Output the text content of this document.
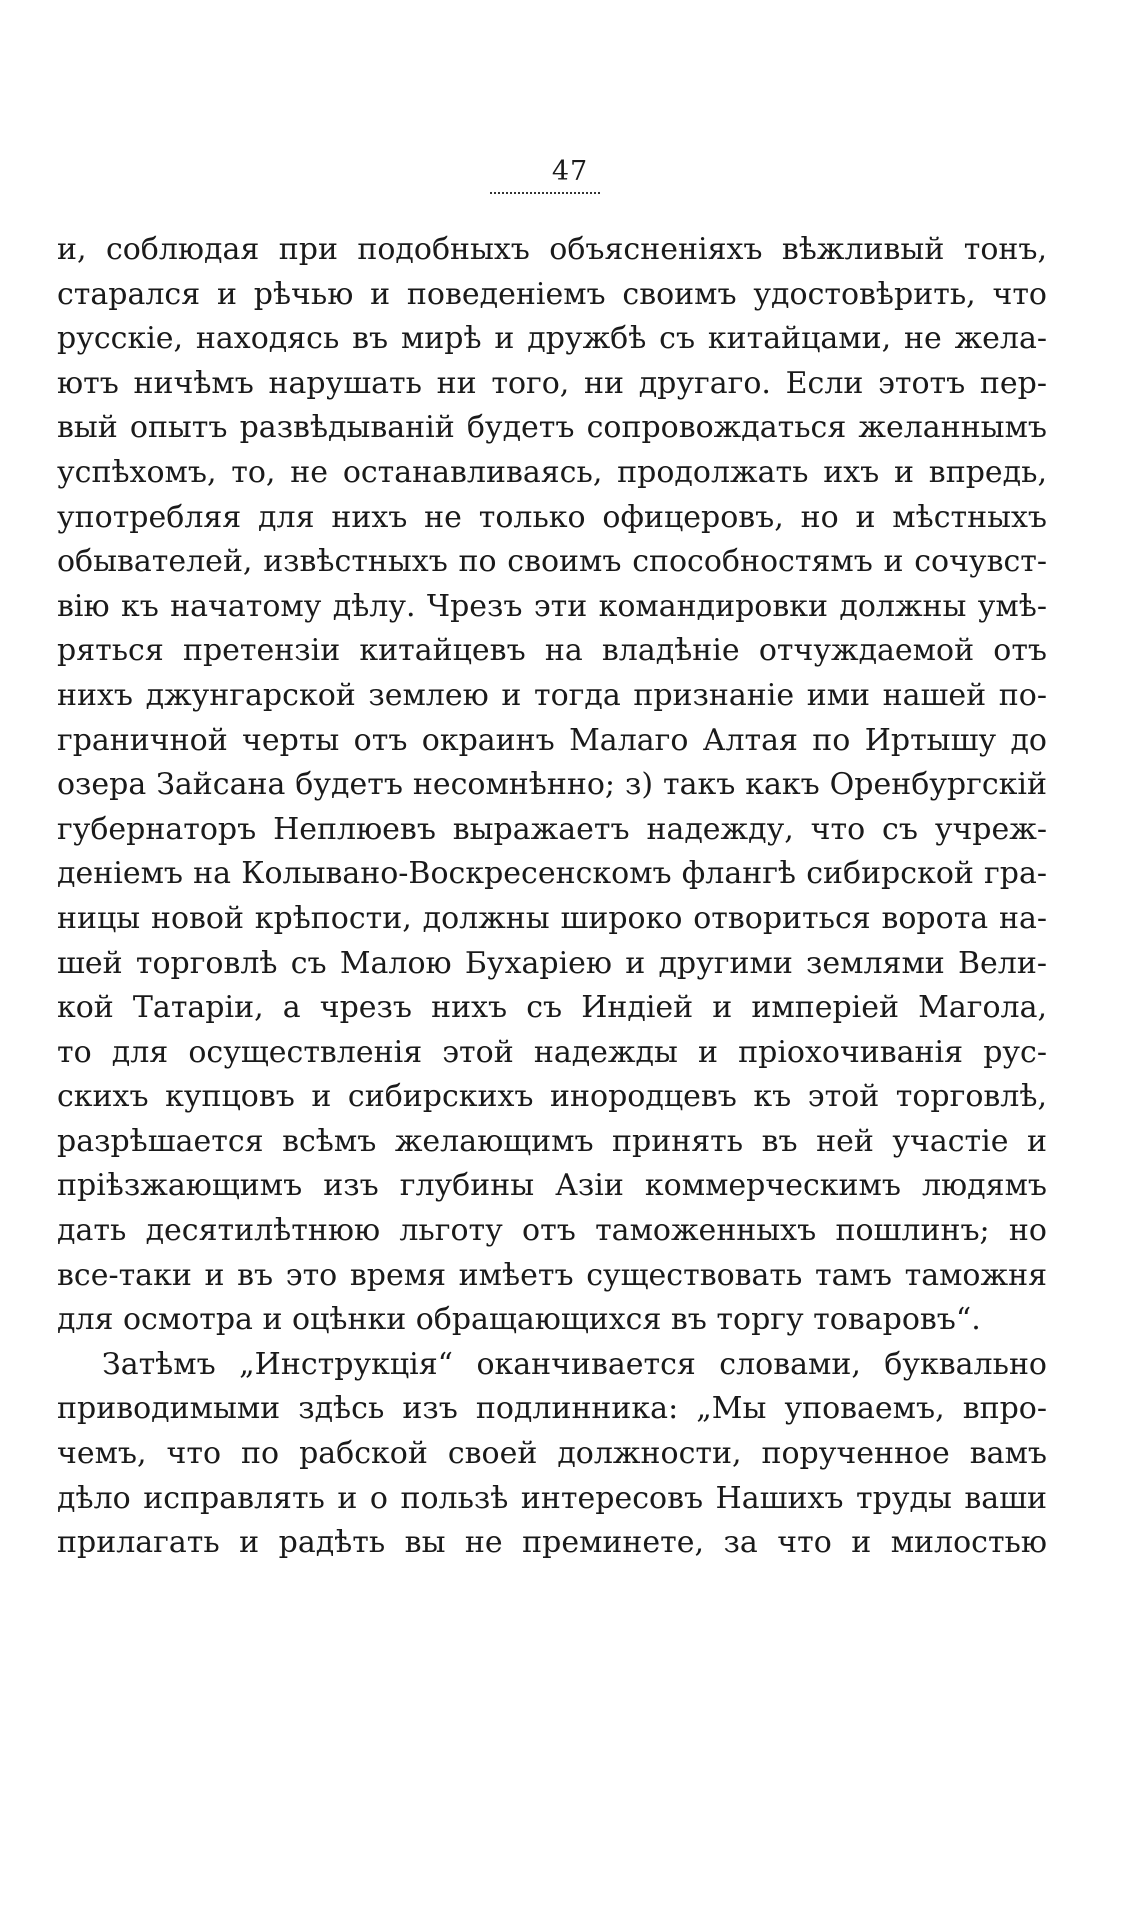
47
и, соблюдая при подобныхъ объясненіяхъ вѣжливый тонъ,
старался и рѣчью и поведеніемъ своимъ удостовѣрить, что
русскіе, находясь въ мирѣ и дружбѣ съ китайцами, не жела-
ютъ ничѣмъ нарушать ни того, ни другаго. Если этотъ пер-
вый опытъ развѣдыванiй будетъ сопровождаться желаннымъ
успѣхомъ, то, не останавливаясь, продолжать ихъ и впредь,
употребляя для нихъ не только офицеровъ, но и мѣстныхъ
обывателей, извѣстныхъ по своимъ способностямъ и сочувст-
вiю къ начатому дѣлу. Чрезъ эти командировки должны умѣ-
ряться претензіи китайцевъ на владѣніе отчуждаемой отъ
нихъ джунгарской землею и тогда признаніе ими нашей по-
граничной черты отъ окраинъ Малаго Алтая по Иртышу до
озера Зайсана будетъ несомнѣнно; з) такъ какъ Оренбургскій
губернаторъ Неплюевъ выражаетъ надежду, что съ учреж-
деніемъ на Колывано-Воскресенскомъ флангѣ сибирской гра-
ницы новой крѣпости, должны широко отвориться ворота на-
шей торговлѣ съ Малою Бухаріею и другими землями Вели-
кой Татаріи, а чрезъ нихъ съ Индіей и имперіей Магола,
то для осуществленія этой надежды и пріохочиванія рус-
скихъ купцовъ и сибирскихъ инородцевъ къ этой торговлѣ,
разрѣшается всѣмъ желающимъ принять въ ней участіе и
пріѣзжающимъ изъ глубины Азіи коммерческимъ людямъ
дать десятилѣтнюю льготу отъ таможенныхъ пошлинъ; но
все-таки и въ это время имѣетъ существовать тамъ таможня
для осмотра и оцѣнки обращающихся въ торгу товаровъ“.
Затѣмъ „Инструкція“ оканчивается словами, буквально
приводимыми здѣсь изъ подлинника: „Мы уповаемъ, впро-
чемъ, что по рабской своей должности, порученное вамъ
дѣло исправлять и о пользѣ интересовъ Нашихъ труды ваши
прилагать и радѣть вы не преминете, за что и милостью
